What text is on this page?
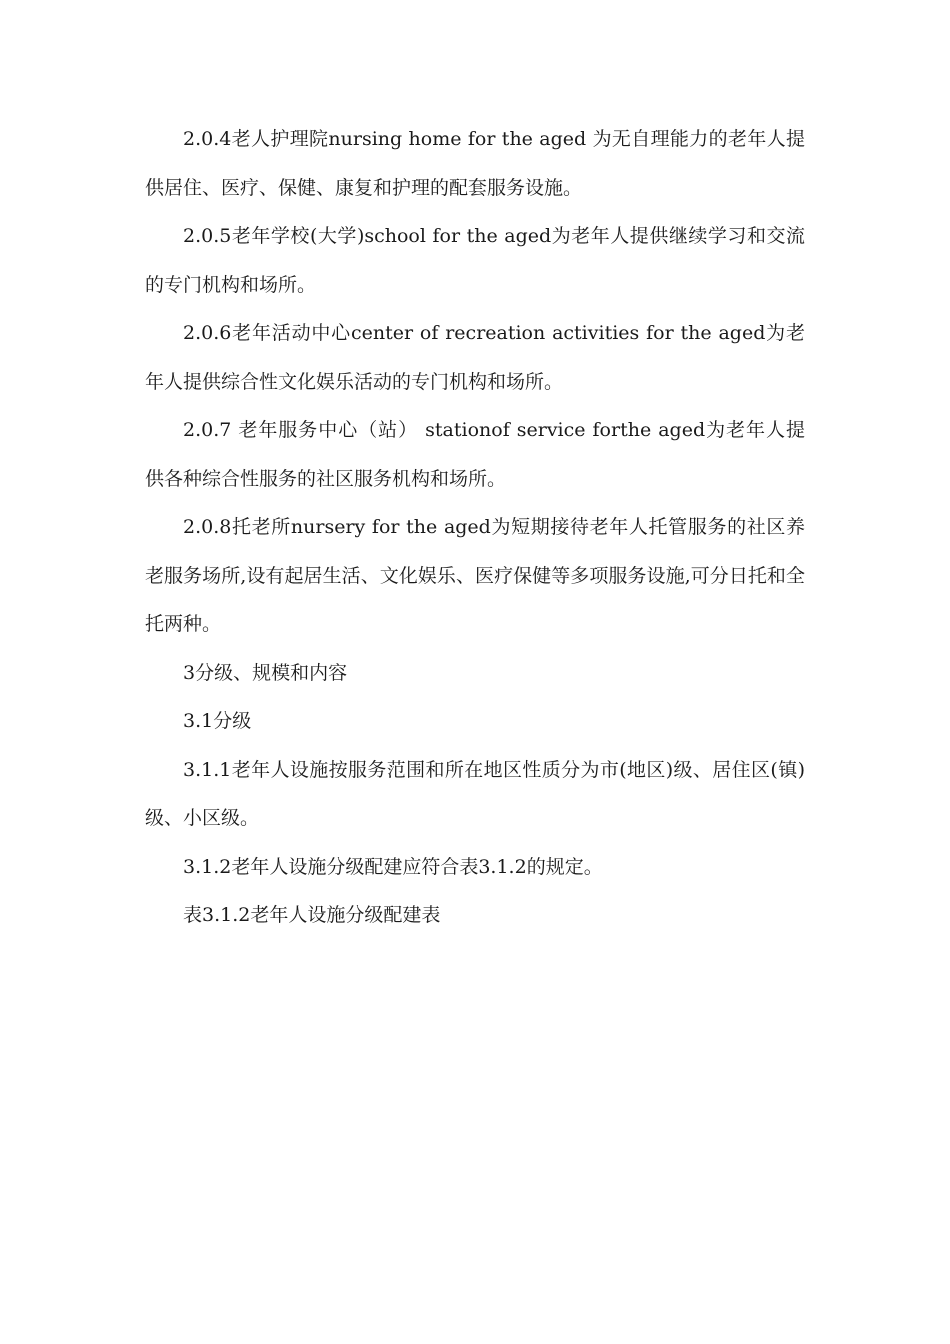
2.0.4老人护理院nursing home for the aged 为无自理能力的老年人提供居住、医疗、保健、康复和护理的配套服务设施。

2.0.5老年学校(大学)school for the aged为老年人提供继续学习和交流的专门机构和场所。

2.0.6老年活动中心center of recreation activities for the aged为老年人提供综合性文化娱乐活动的专门机构和场所。

2.0.7 老年服务中心（站） stationof service forthe aged为老年人提供各种综合性服务的社区服务机构和场所。

2.0.8托老所nursery for the aged为短期接待老年人托管服务的社区养老服务场所,设有起居生活、文化娱乐、医疗保健等多项服务设施,可分日托和全托两种。

3分级、规模和内容

3.1分级

3.1.1老年人设施按服务范围和所在地区性质分为市(地区)级、居住区(镇)级、小区级。

3.1.2老年人设施分级配建应符合表3.1.2的规定。

表3.1.2老年人设施分级配建表
